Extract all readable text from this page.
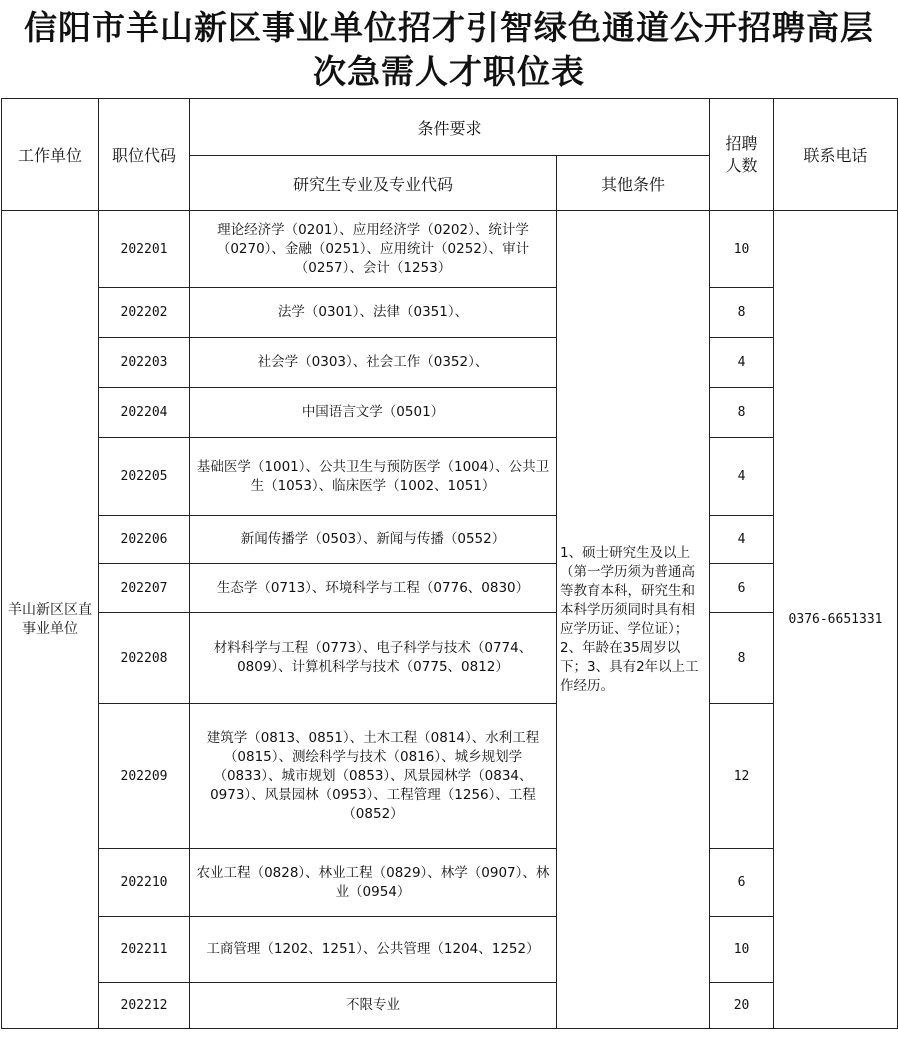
信阳市羊山新区事业单位招才引智绿色通道公开招聘高层
次急需人才职位表
工作单位	职位代码	条件要求		招聘人数	联系电话
		研究生专业及专业代码	其他条件		
羊山新区区直事业单位	202201	理论经济学（0201）、应用经济学（0202）、统计学（0270）、金融（0251）、应用统计（0252）、审计（0257）、会计（1253）	1、硕士研究生及以上（第一学历须为普通高等教育本科，研究生和本科学历须同时具有相应学历证、学位证）；2、年龄在35周岁以下；3、具有2年以上工作经历。	10	0376-6651331
	202202	法学（0301）、法律（0351）、		8	
	202203	社会学（0303）、社会工作（0352）、		4	
	202204	中国语言文学（0501）		8	
	202205	基础医学（1001）、公共卫生与预防医学（1004）、公共卫生（1053）、临床医学（1002、1051）		4	
	202206	新闻传播学（0503）、新闻与传播（0552）		4	
	202207	生态学（0713）、环境科学与工程（0776、0830）		6	
	202208	材料科学与工程（0773）、电子科学与技术（0774、0809）、计算机科学与技术（0775、0812）		8	
	202209	建筑学（0813、0851）、土木工程（0814）、水利工程（0815）、测绘科学与技术（0816）、城乡规划学（0833）、城市规划（0853）、风景园林学（0834、0973）、风景园林（0953）、工程管理（1256）、工程（0852）		12	
	202210	农业工程（0828）、林业工程（0829）、林学（0907）、林业（0954）		6	
	202211	工商管理（1202、1251）、公共管理（1204、1252）		10	
	202212	不限专业		20	
